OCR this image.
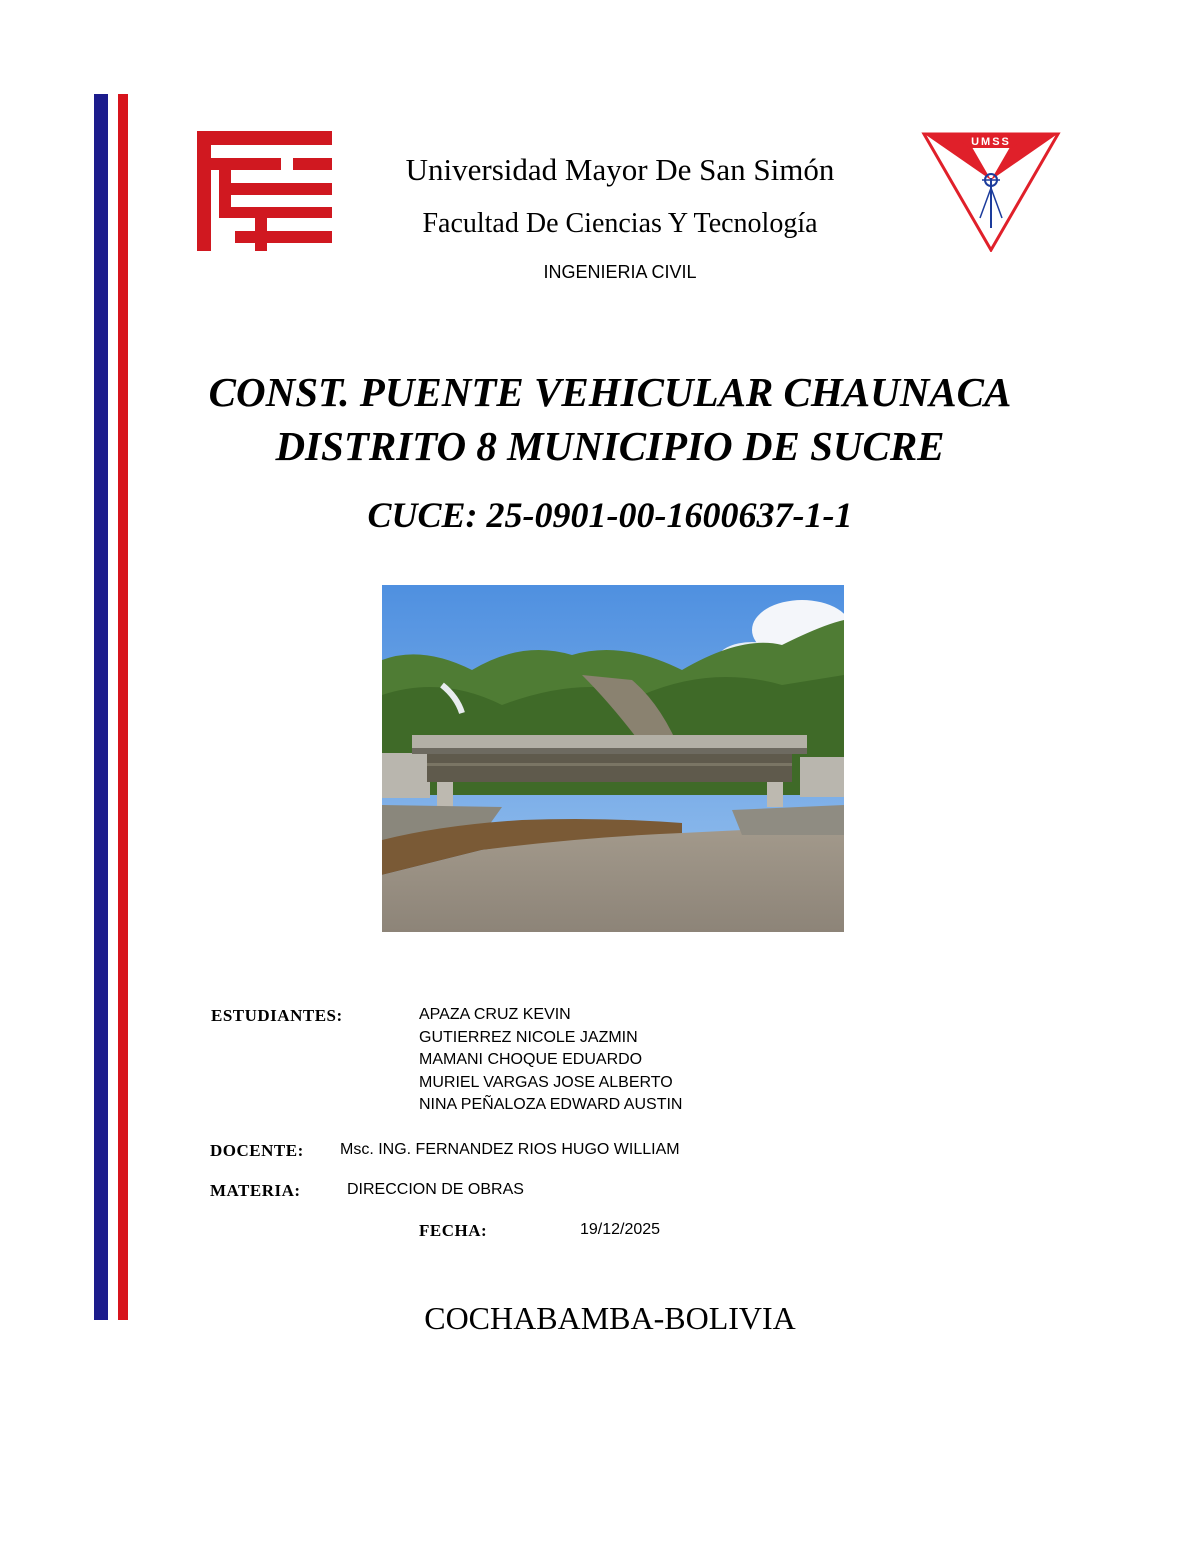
UMSS
Universidad Mayor De San Simón
Facultad De Ciencias Y Tecnología
INGENIERIA CIVIL
CONST. PUENTE VEHICULAR CHAUNACA
DISTRITO 8 MUNICIPIO DE SUCRE
CUCE: 25-0901-00-1600637-1-1
ESTUDIANTES:	APAZA CRUZ KEVIN
GUTIERREZ NICOLE JAZMIN
MAMANI CHOQUE EDUARDO
MURIEL VARGAS JOSE ALBERTO
NINA PEÑALOZA EDWARD AUSTIN
DOCENTE: Msc. ING. FERNANDEZ RIOS HUGO WILLIAM
MATERIA:	DIRECCION DE OBRAS
FECHA:	19/12/2025
COCHABAMBA-BOLIVIA
